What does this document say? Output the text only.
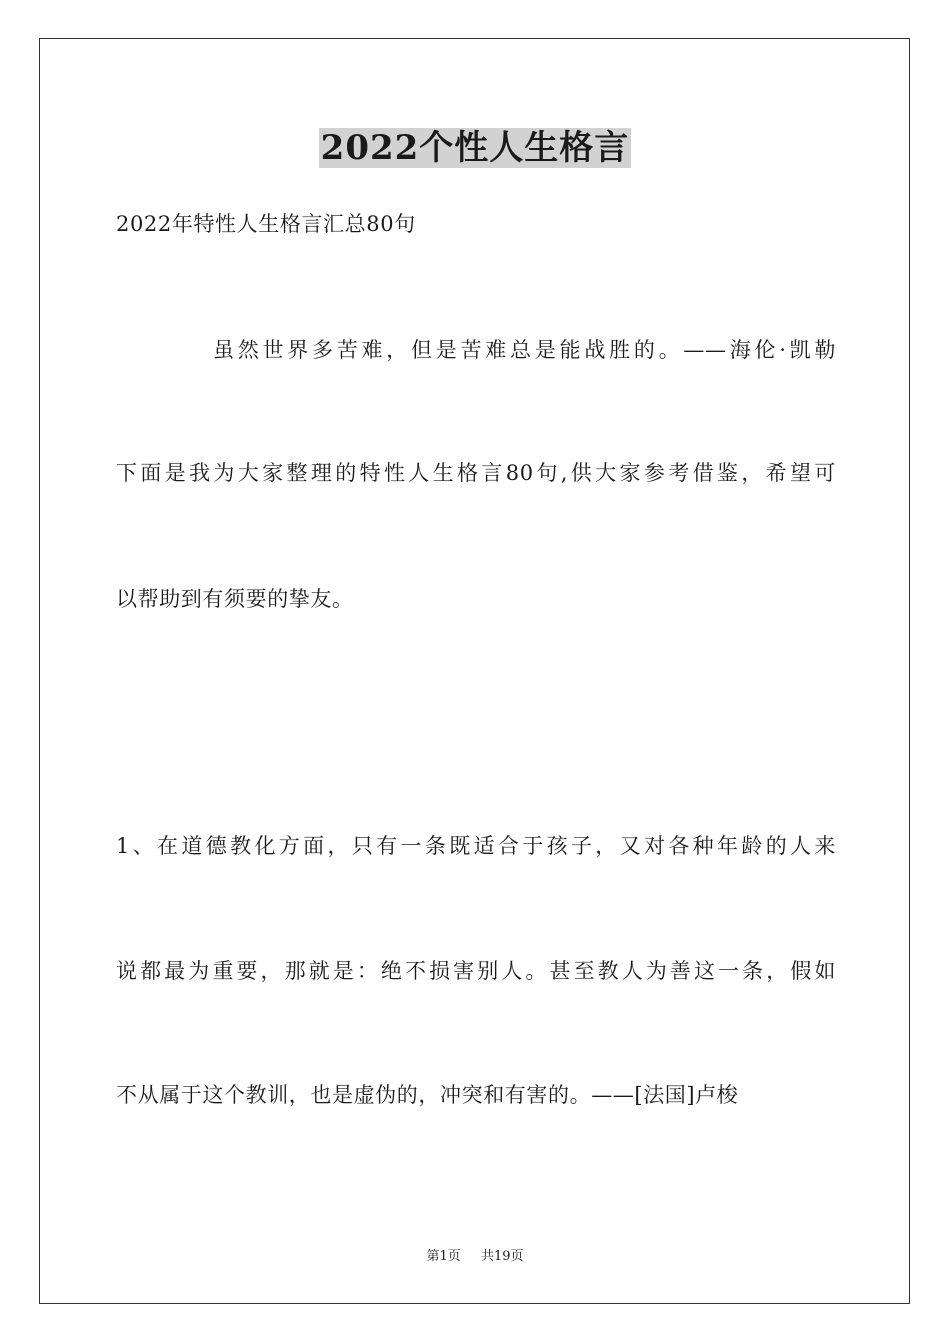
2022个性人生格言
2022年特性人生格言汇总80句
虽然世界多苦难，但是苦难总是能战胜的。——海伦·凯勒
下面是我为大家整理的特性人生格言80句,供大家参考借鉴，希望可
以帮助到有须要的挚友。
1、在道德教化方面，只有一条既适合于孩子，又对各种年龄的人来
说都最为重要，那就是：绝不损害别人。甚至教人为善这一条，假如
不从属于这个教训，也是虚伪的，冲突和有害的。——[法国]卢梭
第1页 共19页
